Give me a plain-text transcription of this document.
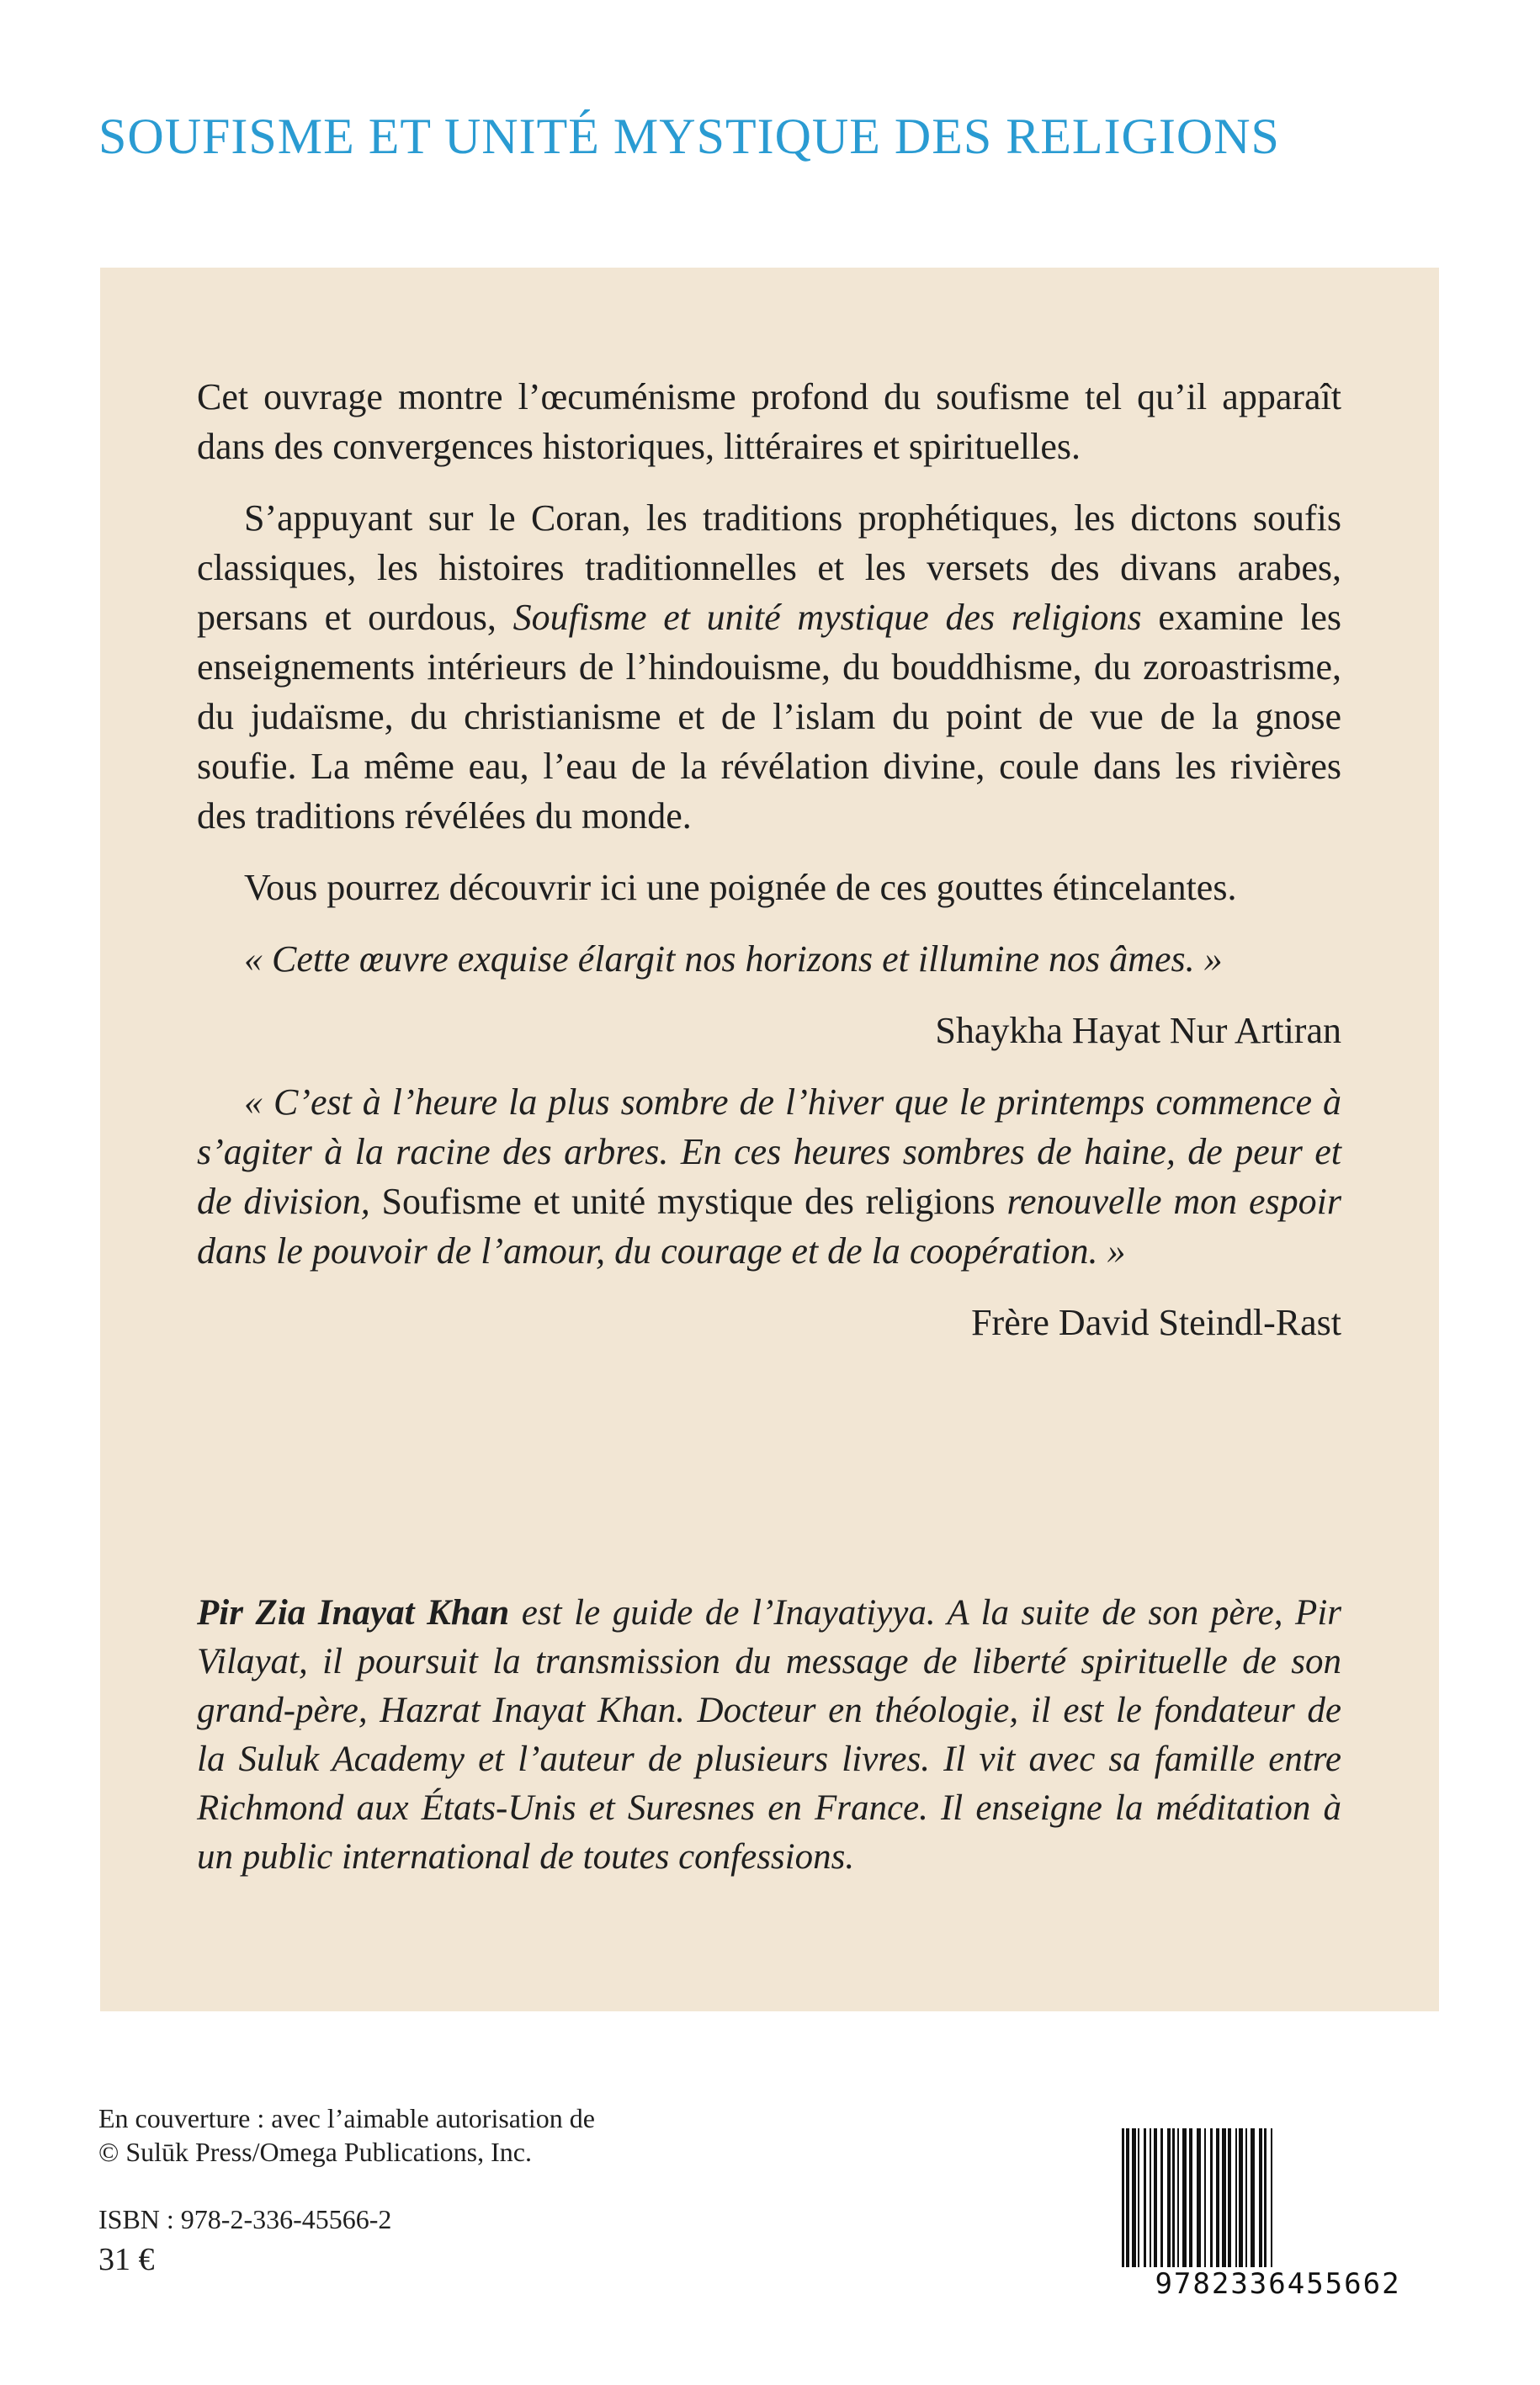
SOUFISME ET UNITÉ MYSTIQUE DES RELIGIONS

Cet ouvrage montre l’œcuménisme profond du soufisme tel qu’il apparaît dans des convergences historiques, littéraires et spirituelles.

S’appuyant sur le Coran, les traditions prophétiques, les dictons soufis classiques, les histoires traditionnelles et les versets des divans arabes, persans et ourdous, Soufisme et unité mystique des religions examine les enseignements intérieurs de l’hindouisme, du bouddhisme, du zoroastrisme, du judaïsme, du christianisme et de l’islam du point de vue de la gnose soufie. La même eau, l’eau de la révélation divine, coule dans les rivières des traditions révélées du monde.

Vous pourrez découvrir ici une poignée de ces gouttes étincelantes.

« Cette œuvre exquise élargit nos horizons et illumine nos âmes. »

Shaykha Hayat Nur Artiran

« C’est à l’heure la plus sombre de l’hiver que le printemps commence à s’agiter à la racine des arbres. En ces heures sombres de haine, de peur et de division, Soufisme et unité mystique des religions renouvelle mon espoir dans le pouvoir de l’amour, du courage et de la coopération. »

Frère David Steindl-Rast

Pir Zia Inayat Khan est le guide de l’Inayatiyya. A la suite de son père, Pir Vilayat, il poursuit la transmission du message de liberté spirituelle de son grand-père, Hazrat Inayat Khan. Docteur en théologie, il est le fondateur de la Suluk Academy et l’auteur de plusieurs livres. Il vit avec sa famille entre Richmond aux États-Unis et Suresnes en France. Il enseigne la méditation à un public international de toutes confessions.
En couverture : avec l’aimable autorisation de
© Sulūk Press/Omega Publications, Inc.
ISBN : 978-2-336-45566-2
31 €
9782336455662
